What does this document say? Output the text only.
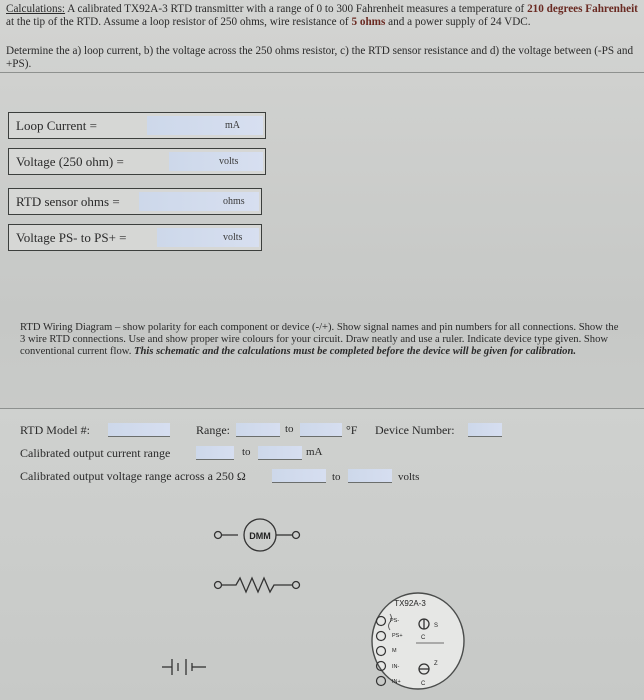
Calculations: A calibrated TX92A-3 RTD transmitter with a range of 0 to 300 Fahrenheit measures a temperature of 210 degrees Fahrenheit at the tip of the RTD. Assume a loop resistor of 250 ohms, wire resistance of 5 ohms and a power supply of 24 VDC.
Determine the a) loop current, b) the voltage across the 250 ohms resistor, c) the RTD sensor resistance and d) the voltage between (-PS and +PS).
Loop Current =	mA
Voltage (250 ohm) =	volts
RTD sensor ohms =	ohms
Voltage PS- to PS+ =	volts
RTD Wiring Diagram – show polarity for each component or device (-/+). Show signal names and pin numbers for all connections. Show the 3 wire RTD connections. Use and show proper wire colours for your circuit. Draw neatly and use a ruler. Indicate device type given. Show conventional current flow. This schematic and the calculations must be completed before the device will be given for calibration.
RTD Model #:	Range:	to	°F Device Number:
Calibrated output current range	to	mA
Calibrated output voltage range across a 250 Ω	to	volts
DMM
TX92A-3
PS-
PS+
M
IN-
IN+
S
Z
C
C
